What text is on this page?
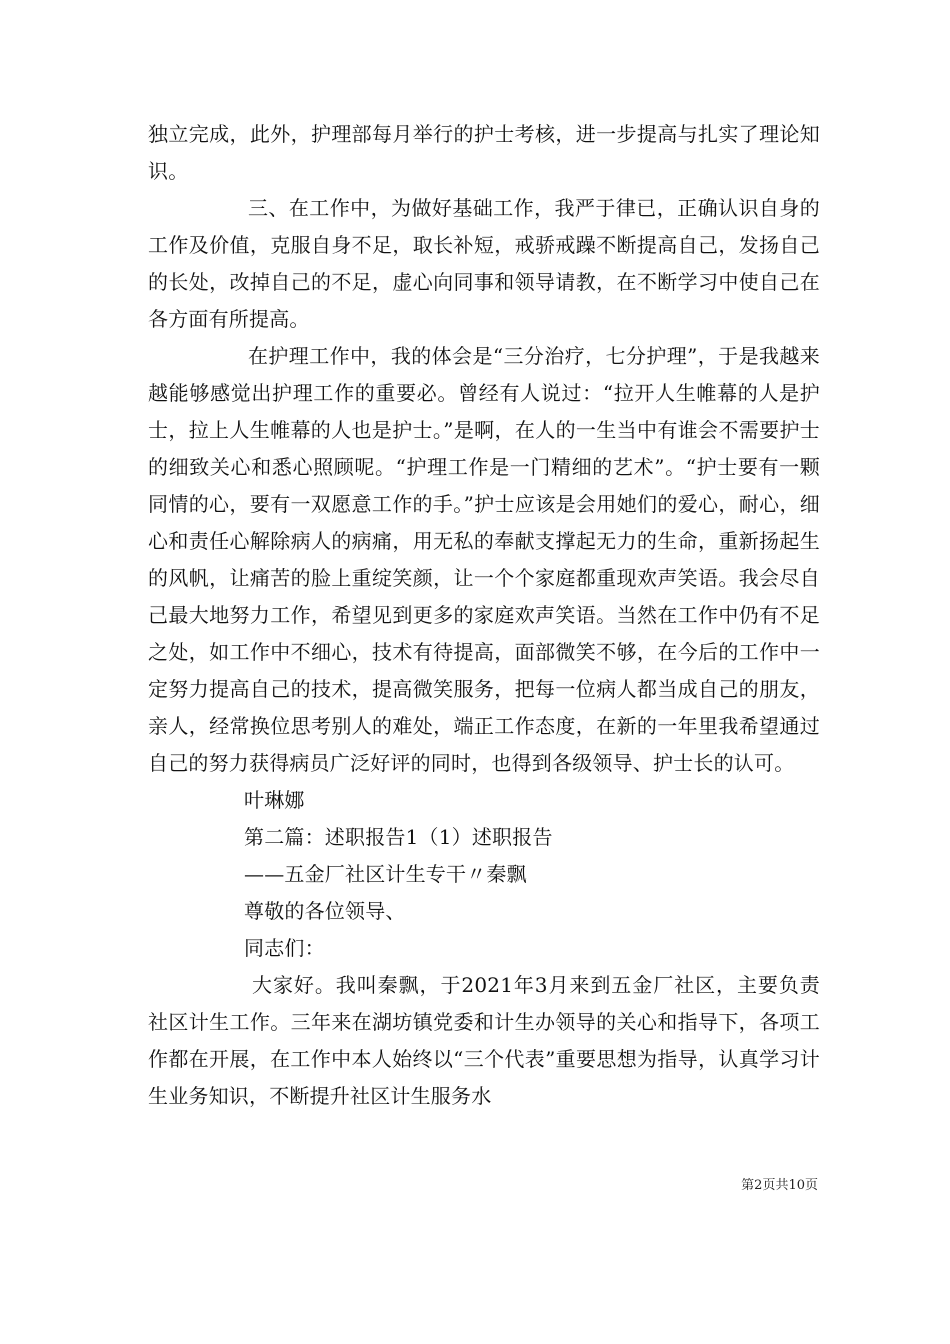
独立完成，此外，护理部每月举行的护士考核，进一步提高与扎实了理论知识。

三、在工作中，为做好基础工作，我严于律已，正确认识自身的工作及价值，克服自身不足，取长补短，戒骄戒躁不断提高自己，发扬自己的长处，改掉自己的不足，虚心向同事和领导请教，在不断学习中使自己在各方面有所提高。

在护理工作中，我的体会是“三分治疗，七分护理”，于是我越来越能够感觉出护理工作的重要必。曾经有人说过：“拉开人生帷幕的人是护士，拉上人生帷幕的人也是护士。”是啊，在人的一生当中有谁会不需要护士的细致关心和悉心照顾呢。“护理工作是一门精细的艺术”。“护士要有一颗同情的心，要有一双愿意工作的手。”护士应该是会用她们的爱心，耐心，细心和责任心解除病人的病痛，用无私的奉献支撑起无力的生命，重新扬起生的风帆，让痛苦的脸上重绽笑颜，让一个个家庭都重现欢声笑语。我会尽自己最大地努力工作，希望见到更多的家庭欢声笑语。当然在工作中仍有不足之处，如工作中不细心，技术有待提高，面部微笑不够，在今后的工作中一定努力提高自己的技术，提高微笑服务，把每一位病人都当成自己的朋友，亲人，经常换位思考别人的难处，端正工作态度，在新的一年里我希望通过自己的努力获得病员广泛好评的同时，也得到各级领导、护士长的认可。

叶琳娜

第二篇：述职报告1（1）述职报告

——五金厂社区计生专干〃秦飘

尊敬的各位领导、

同志们：

大家好。我叫秦飘，于2021年3月来到五金厂社区，主要负责社区计生工作。三年来在湖坊镇党委和计生办领导的关心和指导下，各项工作都在开展，在工作中本人始终以“三个代表”重要思想为指导，认真学习计生业务知识，不断提升社区计生服务水

第2页共10页
